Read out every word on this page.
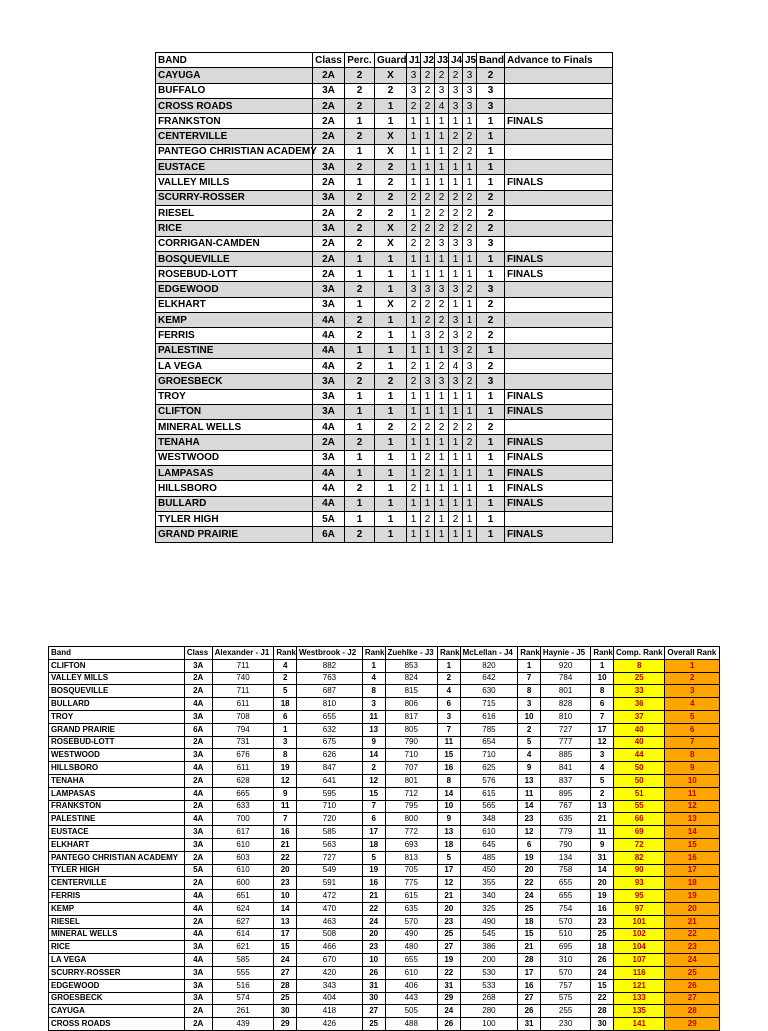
BAND	Class	Perc.	Guard	J1	J2	J3	J4	J5	Band	Advance to Finals
CAYUGA	2A	2	X	3	2	2	2	3	2	
BUFFALO	3A	2	2	3	2	3	3	3	3	
CROSS ROADS	2A	2	1	2	2	4	3	3	3	
FRANKSTON	2A	1	1	1	1	1	1	1	1	FINALS
CENTERVILLE	2A	2	X	1	1	1	2	2	1	
PANTEGO CHRISTIAN ACADEMY	2A	1	X	1	1	1	2	2	1	
EUSTACE	3A	2	2	1	1	1	1	1	1	
VALLEY MILLS	2A	1	2	1	1	1	1	1	1	FINALS
SCURRY-ROSSER	3A	2	2	2	2	2	2	2	2	
RIESEL	2A	2	2	1	2	2	2	2	2	
RICE	3A	2	X	2	2	2	2	2	2	
CORRIGAN-CAMDEN	2A	2	X	2	2	3	3	3	3	
BOSQUEVILLE	2A	1	1	1	1	1	1	1	1	FINALS
ROSEBUD-LOTT	2A	1	1	1	1	1	1	1	1	FINALS
EDGEWOOD	3A	2	1	3	3	3	3	2	3	
ELKHART	3A	1	X	2	2	2	1	1	2	
KEMP	4A	2	1	1	2	2	3	1	2	
FERRIS	4A	2	1	1	3	2	3	2	2	
PALESTINE	4A	1	1	1	1	1	3	2	1	
LA VEGA	4A	2	1	2	1	2	4	3	2	
GROESBECK	3A	2	2	2	3	3	3	2	3	
TROY	3A	1	1	1	1	1	1	1	1	FINALS
CLIFTON	3A	1	1	1	1	1	1	1	1	FINALS
MINERAL WELLS	4A	1	2	2	2	2	2	2	2	
TENAHA	2A	2	1	1	1	1	1	2	1	FINALS
WESTWOOD	3A	1	1	1	2	1	1	1	1	FINALS
LAMPASAS	4A	1	1	1	2	1	1	1	1	FINALS
HILLSBORO	4A	2	1	2	1	1	1	1	1	FINALS
BULLARD	4A	1	1	1	1	1	1	1	1	FINALS
TYLER HIGH	5A	1	1	1	2	1	2	1	1	
GRAND PRAIRIE	6A	2	1	1	1	1	1	1	1	FINALS
Band	Class	Alexander - J1	Rank	Westbrook - J2	Rank	Zuehlke - J3	Rank	McLellan - J4	Rank	Haynie - J5	Rank	Comp. Rank	Overall Rank
CLIFTON	3A	711	4	882	1	853	1	820	1	920	1	8	1
VALLEY MILLS	2A	740	2	763	4	824	2	642	7	784	10	25	2
BOSQUEVILLE	2A	711	5	687	8	815	4	630	8	801	8	33	3
BULLARD	4A	611	18	810	3	806	6	715	3	828	6	36	4
TROY	3A	708	6	655	11	817	3	616	10	810	7	37	5
GRAND PRAIRIE	6A	794	1	632	13	805	7	785	2	727	17	40	6
ROSEBUD-LOTT	2A	731	3	675	9	790	11	654	5	777	12	40	7
WESTWOOD	3A	676	8	626	14	710	15	710	4	885	3	44	8
HILLSBORO	4A	611	19	847	2	707	16	625	9	841	4	50	9
TENAHA	2A	628	12	641	12	801	8	576	13	837	5	50	10
LAMPASAS	4A	665	9	595	15	712	14	615	11	895	2	51	11
FRANKSTON	2A	633	11	710	7	795	10	565	14	767	13	55	12
PALESTINE	4A	700	7	720	6	800	9	348	23	635	21	66	13
EUSTACE	3A	617	16	585	17	772	13	610	12	779	11	69	14
ELKHART	3A	610	21	563	18	693	18	645	6	790	9	72	15
PANTEGO CHRISTIAN ACADEMY	2A	603	22	727	5	813	5	485	19	134	31	82	16
TYLER HIGH	5A	610	20	549	19	705	17	450	20	758	14	90	17
CENTERVILLE	2A	600	23	591	16	775	12	355	22	655	20	93	18
FERRIS	4A	651	10	472	21	615	21	340	24	655	19	95	19
KEMP	4A	624	14	470	22	635	20	325	25	754	16	97	20
RIESEL	2A	627	13	463	24	570	23	490	18	570	23	101	21
MINERAL WELLS	4A	614	17	508	20	490	25	545	15	510	25	102	22
RICE	3A	621	15	466	23	480	27	386	21	695	18	104	23
LA VEGA	4A	585	24	670	10	655	19	200	28	310	26	107	24
SCURRY-ROSSER	3A	555	27	420	26	610	22	530	17	570	24	116	25
EDGEWOOD	3A	516	28	343	31	406	31	533	16	757	15	121	26
GROESBECK	3A	574	25	404	30	443	29	268	27	575	22	133	27
CAYUGA	2A	261	30	418	27	505	24	280	26	255	28	135	28
CROSS ROADS	2A	439	29	426	25	488	26	100	31	230	30	141	29
